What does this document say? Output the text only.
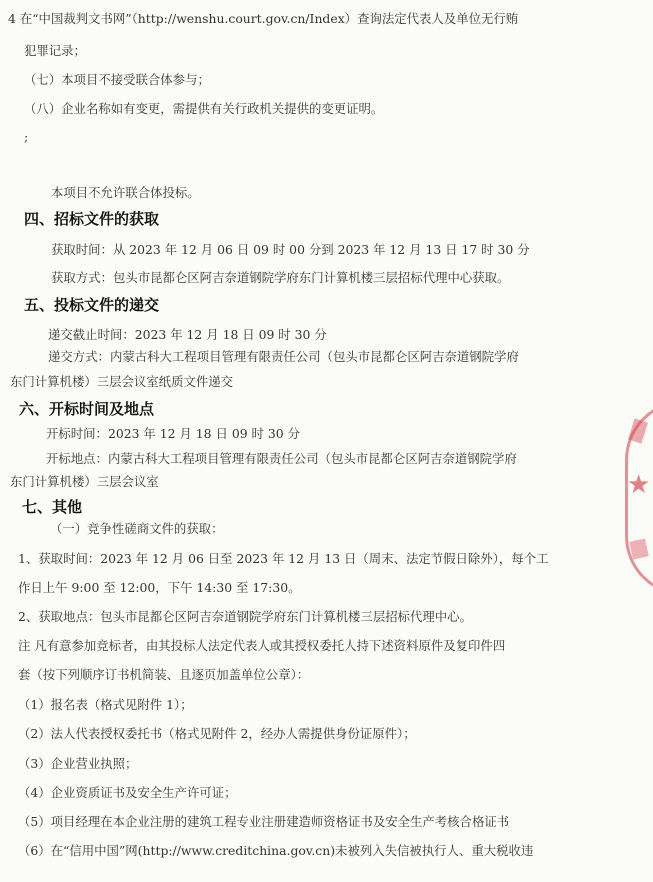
4 在“中国裁判文书网”（http://wenshu.court.gov.cn/Index）查询法定代表人及单位无行贿
犯罪记录；
（七）本项目不接受联合体参与；
（八）企业名称如有变更，需提供有关行政机关提供的变更证明。
;
本项目不允许联合体投标。
四、招标文件的获取
获取时间：从 2023 年 12 月 06 日 09 时 00 分到 2023 年 12 月 13 日 17 时 30 分
获取方式：包头市昆都仑区阿吉奈道钢院学府东门计算机楼三层招标代理中心获取。
五、投标文件的递交
递交截止时间：2023 年 12 月 18 日 09 时 30 分
递交方式：内蒙古科大工程项目管理有限责任公司（包头市昆都仑区阿吉奈道钢院学府
东门计算机楼）三层会议室纸质文件递交
六、开标时间及地点
开标时间：2023 年 12 月 18 日 09 时 30 分
开标地点：内蒙古科大工程项目管理有限责任公司（包头市昆都仑区阿吉奈道钢院学府
东门计算机楼）三层会议室
七、其他
（一）竞争性磋商文件的获取：
1、获取时间：2023 年 12 月 06 日至 2023 年 12 月 13 日（周末、法定节假日除外），每个工
作日上午 9:00 至 12:00，下午 14:30 至 17:30。
2、获取地点：包头市昆都仑区阿吉奈道钢院学府东门计算机楼三层招标代理中心。
注 凡有意参加竞标者，由其投标人法定代表人或其授权委托人持下述资料原件及复印件四
套（按下列顺序订书机简装、且逐页加盖单位公章）：
（1）报名表（格式见附件 1）；
（2）法人代表授权委托书（格式见附件 2，经办人需提供身份证原件）；
（3）企业营业执照；
（4）企业资质证书及安全生产许可证；
（5）项目经理在本企业注册的建筑工程专业注册建造师资格证书及安全生产考核合格证书
（6）在“信用中国”网(http://www.creditchina.gov.cn)未被列入失信被执行人、重大税收违
★
